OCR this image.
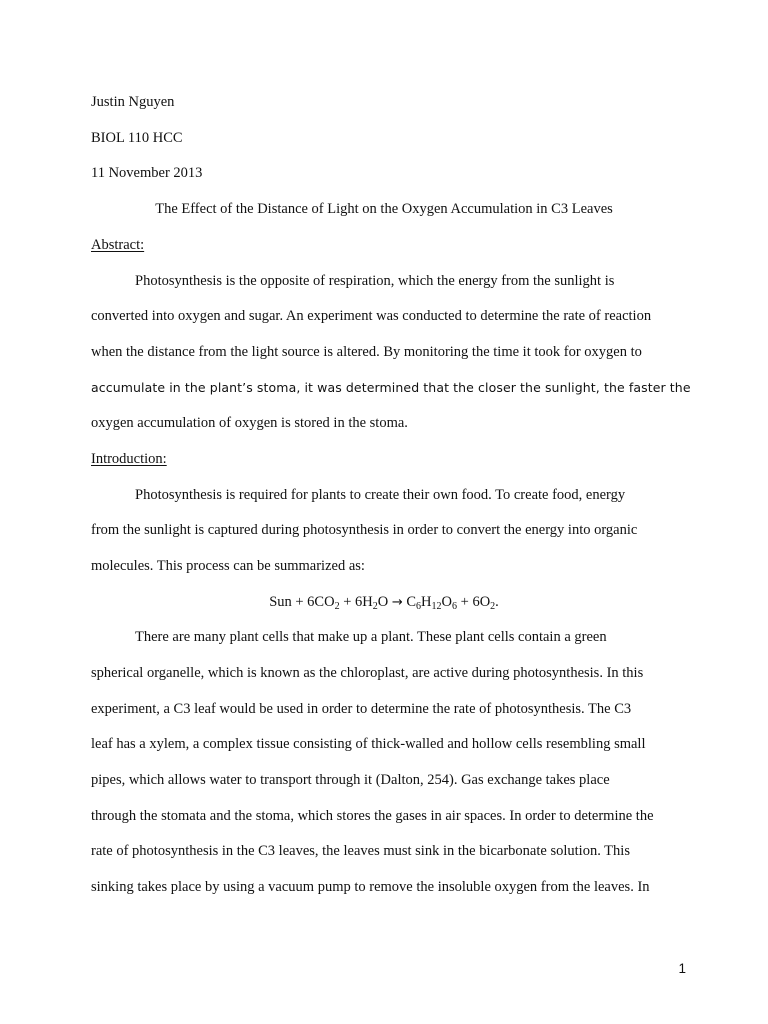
Justin Nguyen
BIOL 110 HCC
11 November 2013
The Effect of the Distance of Light on the Oxygen Accumulation in C3 Leaves
Abstract:
Photosynthesis is the opposite of respiration, which the energy from the sunlight is
converted into oxygen and sugar. An experiment was conducted to determine the rate of reaction
when the distance from the light source is altered. By monitoring the time it took for oxygen to
accumulate in the plant’s stoma, it was determined that the closer the sunlight, the faster the
oxygen accumulation of oxygen is stored in the stoma.
Introduction:
Photosynthesis is required for plants to create their own food. To create food, energy
from the sunlight is captured during photosynthesis in order to convert the energy into organic
molecules. This process can be summarized as:
Sun + $6CO_2 + 6H_2O \to C_6H_{12}O_6 + 6O_2$.
There are many plant cells that make up a plant. These plant cells contain a green
spherical organelle, which is known as the chloroplast, are active during photosynthesis. In this
experiment, a C3 leaf would be used in order to determine the rate of photosynthesis. The C3
leaf has a xylem, a complex tissue consisting of thick-walled and hollow cells resembling small
pipes, which allows water to transport through it (Dalton, 254). Gas exchange takes place
through the stomata and the stoma, which stores the gases in air spaces. In order to determine the
rate of photosynthesis in the C3 leaves, the leaves must sink in the bicarbonate solution. This
sinking takes place by using a vacuum pump to remove the insoluble oxygen from the leaves. In
1
